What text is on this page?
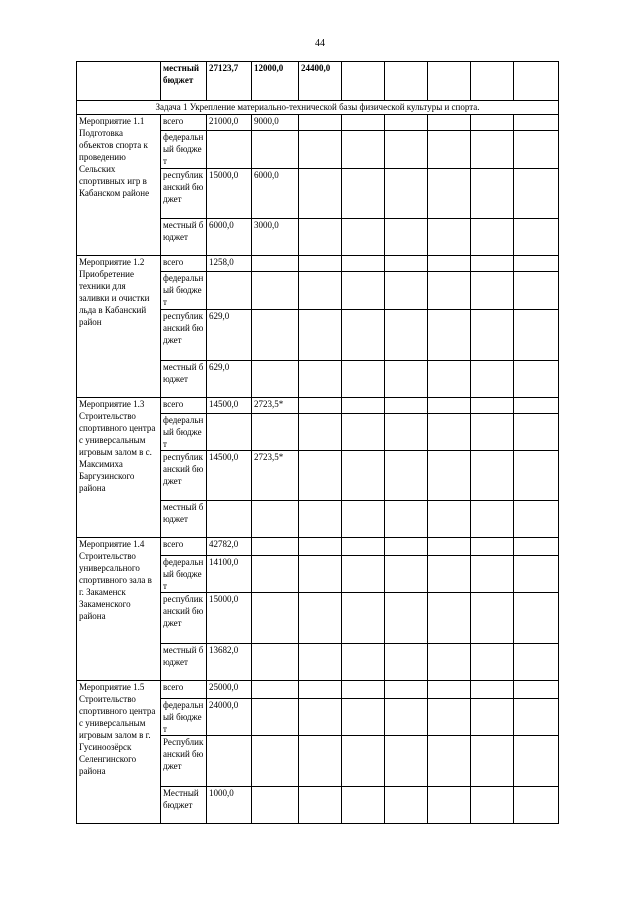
44
	местный бюджет	27123,7	12000,0	24400,0					
Задача 1 Укрепление материально-технической базы физической культуры и спорта.									
Мероприятие 1.1 Подготовка объектов спорта к проведению Сельских спортивных игр в Кабанском районе	всего	21000,0	9000,0						
	федеральный бюджет								
	республиканский бюджет	15000,0	6000,0						
	местный бюджет	6000,0	3000,0						
Мероприятие 1.2 Приобретение техники для заливки и очистки льда в Кабанский район	всего	1258,0							
	федеральный бюджет								
	республиканский бюджет	629,0							
	местный бюджет	629,0							
Мероприятие 1.3 Строительство спортивного центра с универсальным игровым залом в с. Максимиха Баргузинского района	всего	14500,0	2723,5*						
	федеральный бюджет								
	республиканский бюджет	14500,0	2723,5*						
	местный бюджет								
Мероприятие 1.4 Строительство универсального спортивного зала в г. Закаменск Закаменского района	всего	42782,0							
	федеральный бюджет	14100,0							
	республиканский бюджет	15000,0							
	местный бюджет	13682,0							
Мероприятие 1.5 Строительство спортивного центра с универсальным игровым залом в г. Гусиноозёрск Селенгинского района	всего	25000,0							
	федеральный бюджет	24000,0							
	Республиканский бюджет								
	Местный бюджет	1000,0							
